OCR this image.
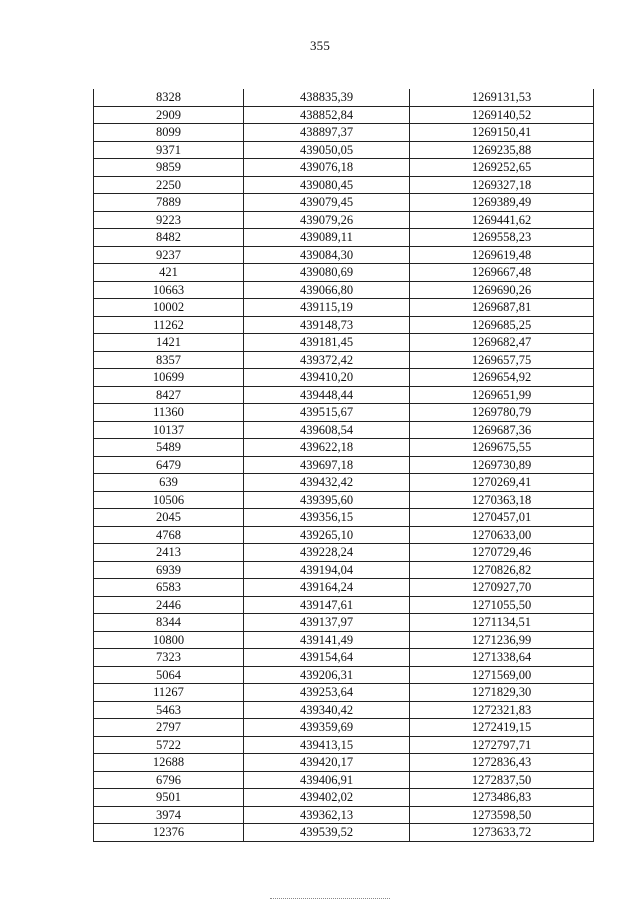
355
8328	438835,39	1269131,53
2909	438852,84	1269140,52
8099	438897,37	1269150,41
9371	439050,05	1269235,88
9859	439076,18	1269252,65
2250	439080,45	1269327,18
7889	439079,45	1269389,49
9223	439079,26	1269441,62
8482	439089,11	1269558,23
9237	439084,30	1269619,48
421	439080,69	1269667,48
10663	439066,80	1269690,26
10002	439115,19	1269687,81
11262	439148,73	1269685,25
1421	439181,45	1269682,47
8357	439372,42	1269657,75
10699	439410,20	1269654,92
8427	439448,44	1269651,99
11360	439515,67	1269780,79
10137	439608,54	1269687,36
5489	439622,18	1269675,55
6479	439697,18	1269730,89
639	439432,42	1270269,41
10506	439395,60	1270363,18
2045	439356,15	1270457,01
4768	439265,10	1270633,00
2413	439228,24	1270729,46
6939	439194,04	1270826,82
6583	439164,24	1270927,70
2446	439147,61	1271055,50
8344	439137,97	1271134,51
10800	439141,49	1271236,99
7323	439154,64	1271338,64
5064	439206,31	1271569,00
11267	439253,64	1271829,30
5463	439340,42	1272321,83
2797	439359,69	1272419,15
5722	439413,15	1272797,71
12688	439420,17	1272836,43
6796	439406,91	1272837,50
9501	439402,02	1273486,83
3974	439362,13	1273598,50
12376	439539,52	1273633,72
